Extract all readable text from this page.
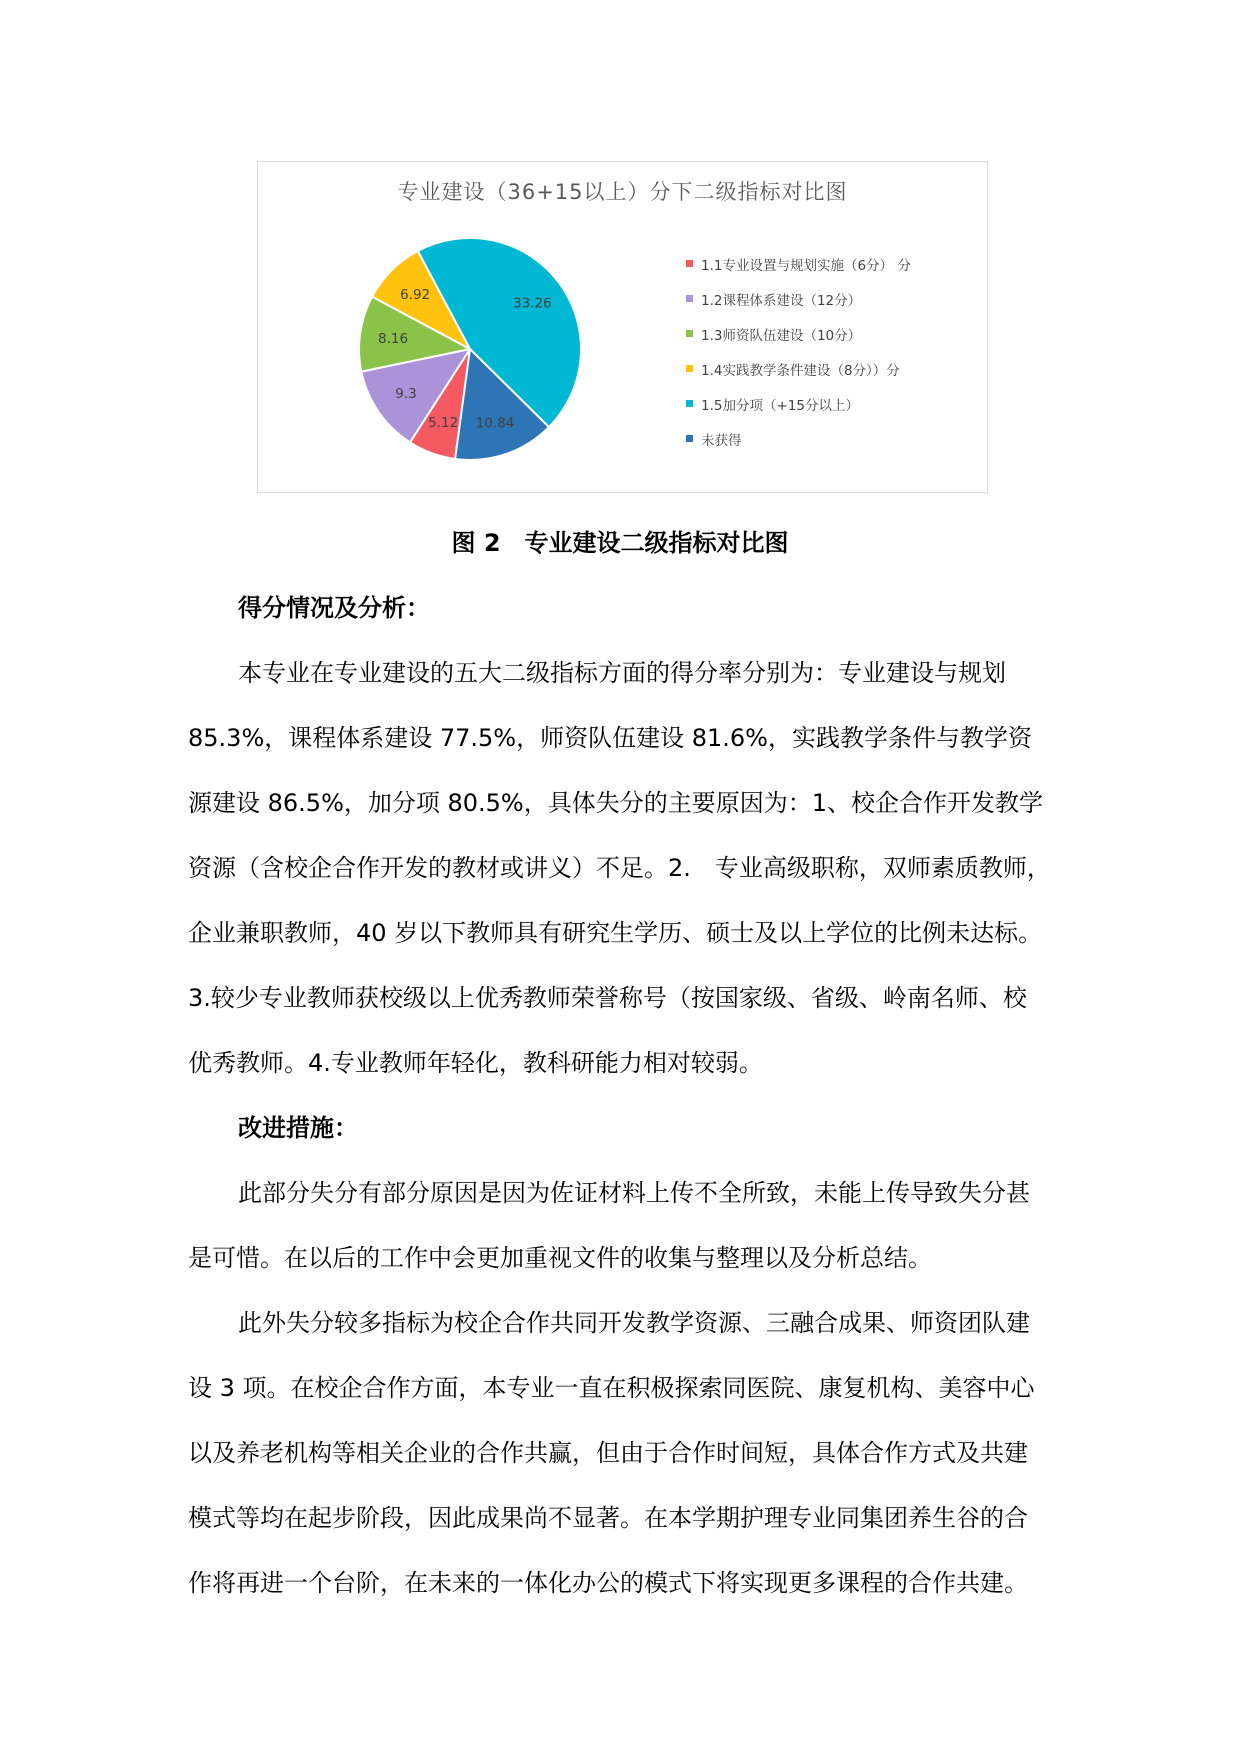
专业建设（36+15以上）分下二级指标对比图
5.12
9.3
8.16
6.92
33.26
10.84
1.1专业设置与规划实施（6分） 分
1.2课程体系建设（12分）
1.3师资队伍建设（10分）
1.4实践教学条件建设（8分））分
1.5加分项（+15分以上）
未获得
图 2 专业建设二级指标对比图
得分情况及分析：
本专业在专业建设的五大二级指标方面的得分率分别为：专业建设与规划
85.3%，课程体系建设 77.5%，师资队伍建设 81.6%，实践教学条件与教学资
源建设 86.5%，加分项 80.5%，具体失分的主要原因为：1、校企合作开发教学
资源（含校企合作开发的教材或讲义）不足。2.　专业高级职称，双师素质教师，
企业兼职教师，40 岁以下教师具有研究生学历、硕士及以上学位的比例未达标。
3.较少专业教师获校级以上优秀教师荣誉称号（按国家级、省级、岭南名师、校
优秀教师。4.专业教师年轻化，教科研能力相对较弱。
改进措施：
此部分失分有部分原因是因为佐证材料上传不全所致，未能上传导致失分甚
是可惜。在以后的工作中会更加重视文件的收集与整理以及分析总结。
此外失分较多指标为校企合作共同开发教学资源、三融合成果、师资团队建
设 3 项。在校企合作方面，本专业一直在积极探索同医院、康复机构、美容中心
以及养老机构等相关企业的合作共赢，但由于合作时间短，具体合作方式及共建
模式等均在起步阶段，因此成果尚不显著。在本学期护理专业同集团养生谷的合
作将再进一个台阶，在未来的一体化办公的模式下将实现更多课程的合作共建。
